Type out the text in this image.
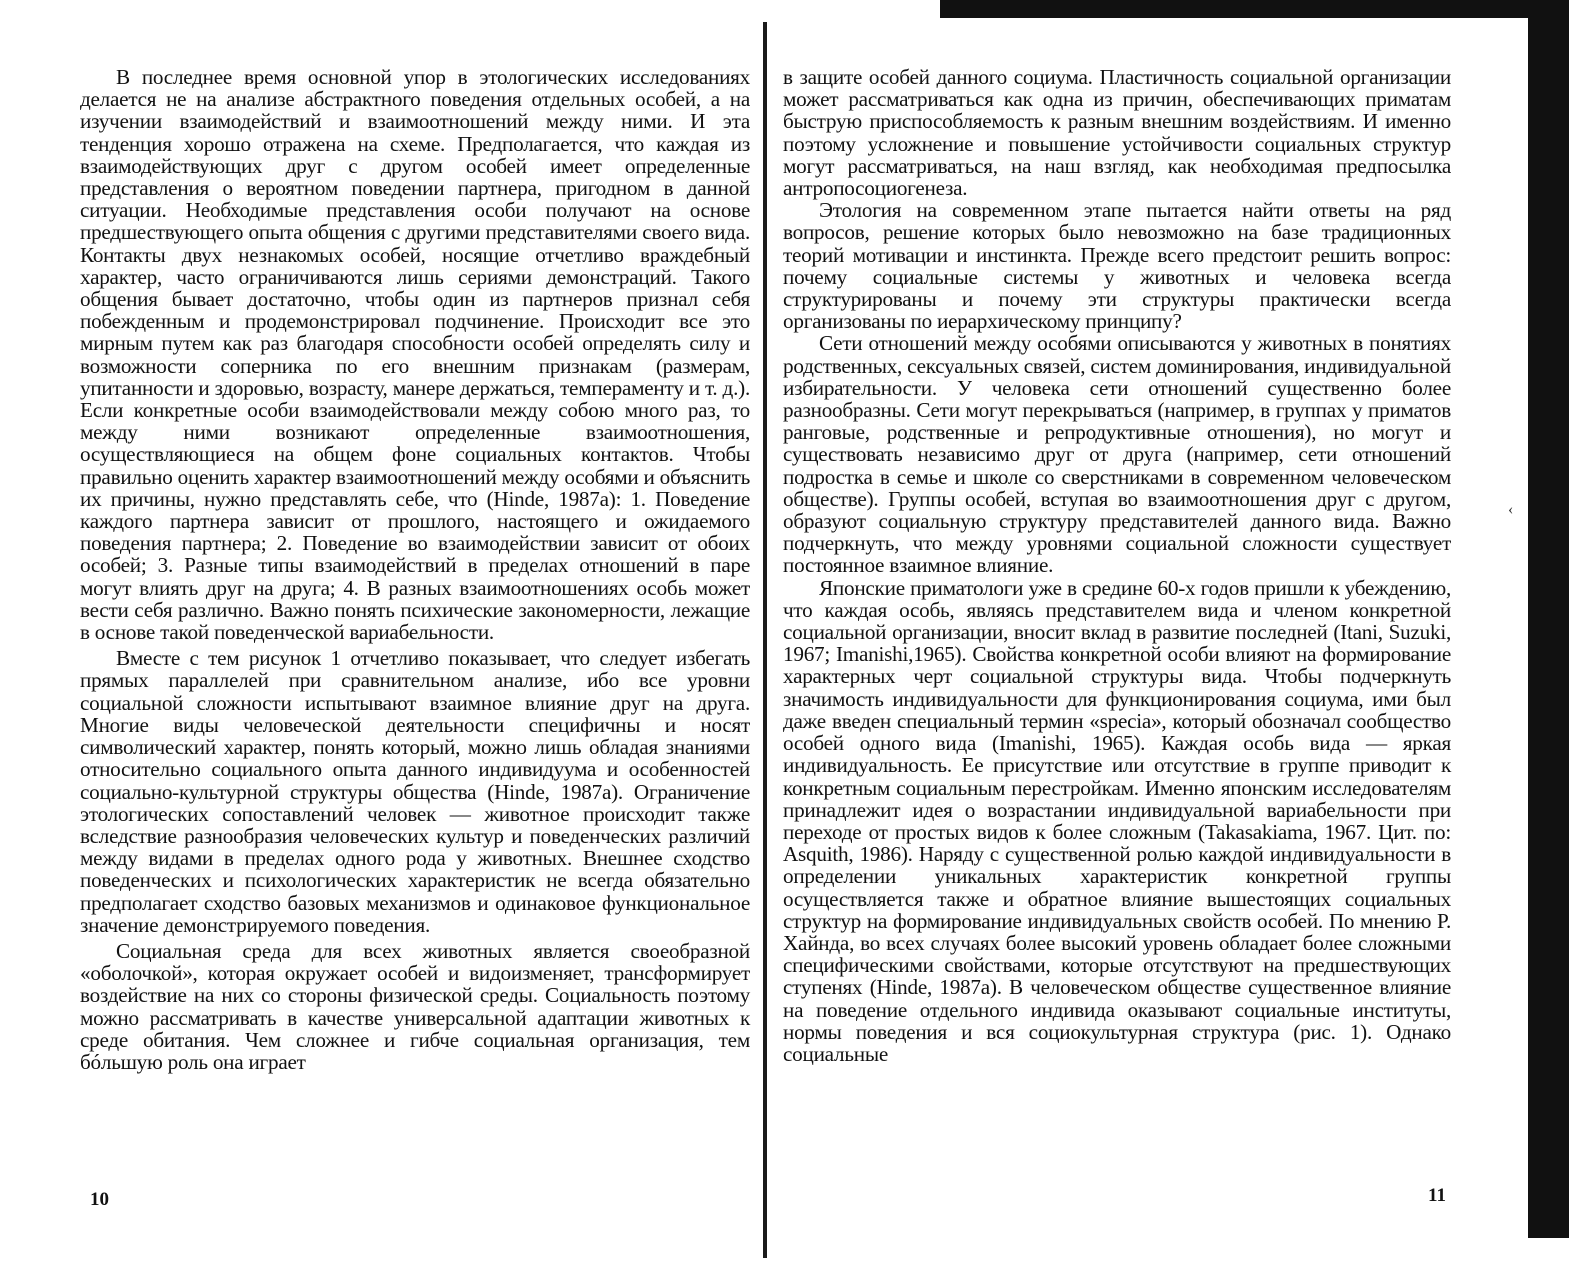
В последнее время основной упор в этологических исследованиях делается не на анализе абстрактного поведения отдельных особей, а на изучении взаимодействий и взаимоотношений между ними. И эта тенденция хорошо отражена на схеме. Предполагается, что каждая из взаимодействующих друг с другом особей имеет определенные представления о вероятном поведении партнера, пригодном в данной ситуации. Необходимые представления особи получают на основе предшествующего опыта общения с другими представителями своего вида. Контакты двух незнакомых особей, носящие отчетливо враждебный характер, часто ограничиваются лишь сериями демонстраций. Такого общения бывает достаточно, чтобы один из партнеров признал себя побежденным и продемонстрировал подчинение. Происходит все это мирным путем как раз благодаря способности особей определять силу и возможности соперника по его внешним признакам (размерам, упитанности и здоровью, возрасту, манере держаться, темпераменту и т. д.). Если конкретные особи взаимодействовали между собою много раз, то между ними возникают определенные взаимоотношения, осуществляющиеся на общем фоне социальных контактов. Чтобы правильно оценить характер взаимоотношений между особями и объяснить их причины, нужно представлять себе, что (Hinde, 1987a): 1. Поведение каждого партнера зависит от прошлого, настоящего и ожидаемого поведения партнера; 2. Поведение во взаимодействии зависит от обоих особей; 3. Разные типы взаимодействий в пределах отношений в паре могут влиять друг на друга; 4. В разных взаимоотношениях особь может вести себя различно. Важно понять психические закономерности, лежащие в основе такой поведенческой вариабельности.

Вместе с тем рисунок 1 отчетливо показывает, что следует избегать прямых параллелей при сравнительном анализе, ибо все уровни социальной сложности испытывают взаимное влияние друг на друга. Многие виды человеческой деятельности специфичны и носят символический характер, понять который, можно лишь обладая знаниями относительно социального опыта данного индивидуума и особенностей социально-культурной структуры общества (Hinde, 1987a). Ограничение этологических сопоставлений человек — животное происходит также вследствие разнообразия человеческих культур и поведенческих различий между видами в пределах одного рода у животных. Внешнее сходство поведенческих и психологических характеристик не всегда обязательно предполагает сходство базовых механизмов и одинаковое функциональное значение демонстрируемого поведения.

Социальная среда для всех животных является своеобразной «оболочкой», которая окружает особей и видоизменяет, трансформирует воздействие на них со стороны физической среды. Социальность поэтому можно рассматривать в качестве универсальной адаптации животных к среде обитания. Чем сложнее и гибче социальная организация, тем бóльшую роль она играет

в защите особей данного социума. Пластичность социальной организации может рассматриваться как одна из причин, обеспечивающих приматам быструю приспособляемость к разным внешним воздействиям. И именно поэтому усложнение и повышение устойчивости социальных структур могут рассматриваться, на наш взгляд, как необходимая предпосылка антропосоциогенеза.

Этология на современном этапе пытается найти ответы на ряд вопросов, решение которых было невозможно на базе традиционных теорий мотивации и инстинкта. Прежде всего предстоит решить вопрос: почему социальные системы у животных и человека всегда структурированы и почему эти структуры практически всегда организованы по иерархическому принципу?

Сети отношений между особями описываются у животных в понятиях родственных, сексуальных связей, систем доминирования, индивидуальной избирательности. У человека сети отношений существенно более разнообразны. Сети могут перекрываться (например, в группах у приматов ранговые, родственные и репродуктивные отношения), но могут и существовать независимо друг от друга (например, сети отношений подростка в семье и школе со сверстниками в современном человеческом обществе). Группы особей, вступая во взаимоотношения друг с другом, образуют социальную структуру представителей данного вида. Важно подчеркнуть, что между уровнями социальной сложности существует постоянное взаимное влияние.

Японские приматологи уже в средине 60-х годов пришли к убеждению, что каждая особь, являясь представителем вида и членом конкретной социальной организации, вносит вклад в развитие последней (Itani, Suzuki, 1967; Imanishi,1965). Свойства конкретной особи влияют на формирование характерных черт социальной структуры вида. Чтобы подчеркнуть значимость индивидуальности для функционирования социума, ими был даже введен специальный термин «specia», который обозначал сообщество особей одного вида (Imanishi, 1965). Каждая особь вида — яркая индивидуальность. Ее присутствие или отсутствие в группе приводит к конкретным социальным перестройкам. Именно японским исследователям принадлежит идея о возрастании индивидуальной вариабельности при переходе от простых видов к более сложным (Takasakiama, 1967. Цит. по: Asquith, 1986). Наряду с существенной ролью каждой индивидуальности в определении уникальных характеристик конкретной группы осуществляется также и обратное влияние вышестоящих социальных структур на формирование индивидуальных свойств особей. По мнению Р. Хайнда, во всех случаях более высокий уровень обладает более сложными специфическими свойствами, которые отсутствуют на предшествующих ступенях (Hinde, 1987a). В человеческом обществе существенное влияние на поведение отдельного индивида оказывают социальные институты, нормы поведения и вся социокультурная структура (рис. 1). Однако социальные

10	11
‹
